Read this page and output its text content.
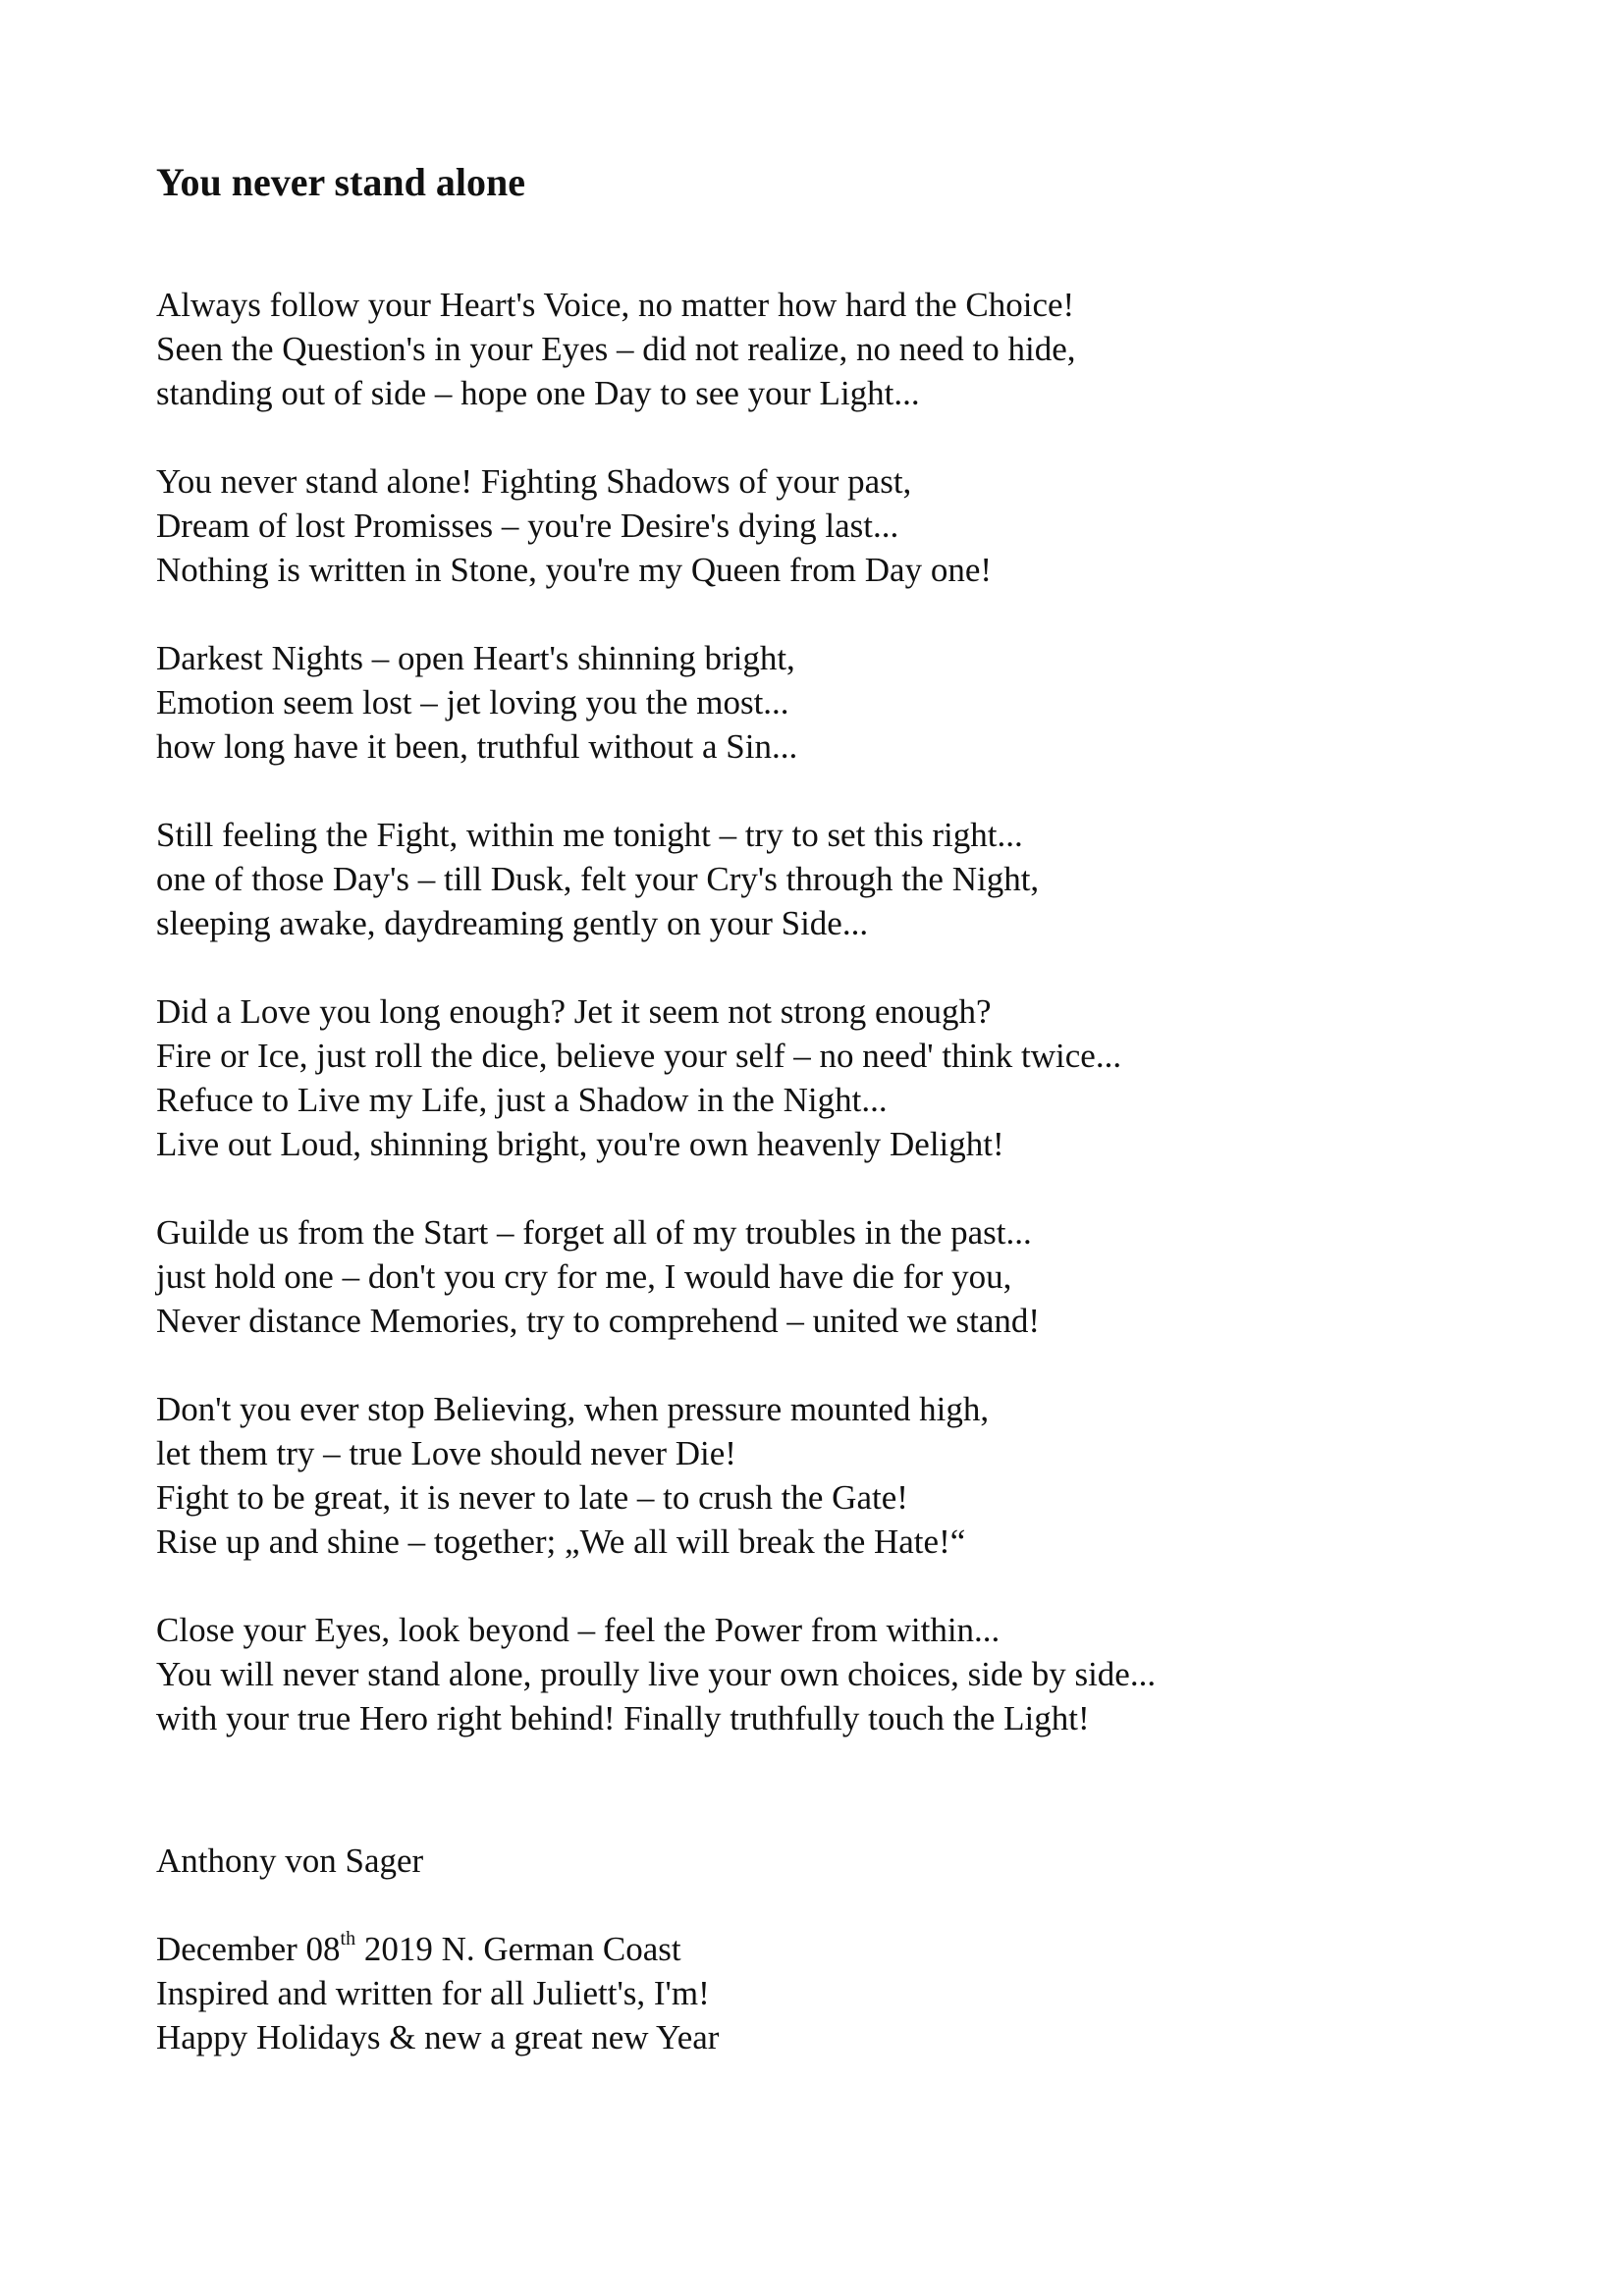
You never stand alone
Always follow your Heart's Voice, no matter how hard the Choice!
Seen the Question's in your Eyes – did not realize, no need to hide,
standing out of side – hope one Day to see your Light...
You never stand alone! Fighting Shadows of your past,
Dream of lost Promisses – you're Desire's dying last...
Nothing is written in Stone, you're my Queen from Day one!
Darkest Nights – open Heart's shinning bright,
Emotion seem lost – jet loving you the most...
how long have it been, truthful without a Sin...
Still feeling the Fight, within me tonight – try to set this right...
one of those Day's – till Dusk, felt your Cry's through the Night,
sleeping awake, daydreaming gently on your Side...
Did a Love you long enough? Jet it seem not strong enough?
Fire or Ice, just roll the dice, believe your self – no need' think twice...
Refuce to Live my Life, just a Shadow in the Night...
Live out Loud, shinning bright, you're own heavenly Delight!
Guilde us from the Start – forget all of my troubles in the past...
just hold one – don't you cry for me, I would have die for you,
Never distance Memories, try to comprehend – united we stand!
Don't you ever stop Believing, when pressure mounted high,
let them try – true Love should never Die!
Fight to be great, it is never to late – to crush the Gate!
Rise up and shine – together; „We all will break the Hate!“
Close your Eyes, look beyond – feel the Power from within...
You will never stand alone, proully live your own choices, side by side...
with your true Hero right behind! Finally truthfully touch the Light!
Anthony von Sager
December 08th 2019 N. German Coast
Inspired and written for all Juliett's, I'm!
Happy Holidays & new a great new Year
